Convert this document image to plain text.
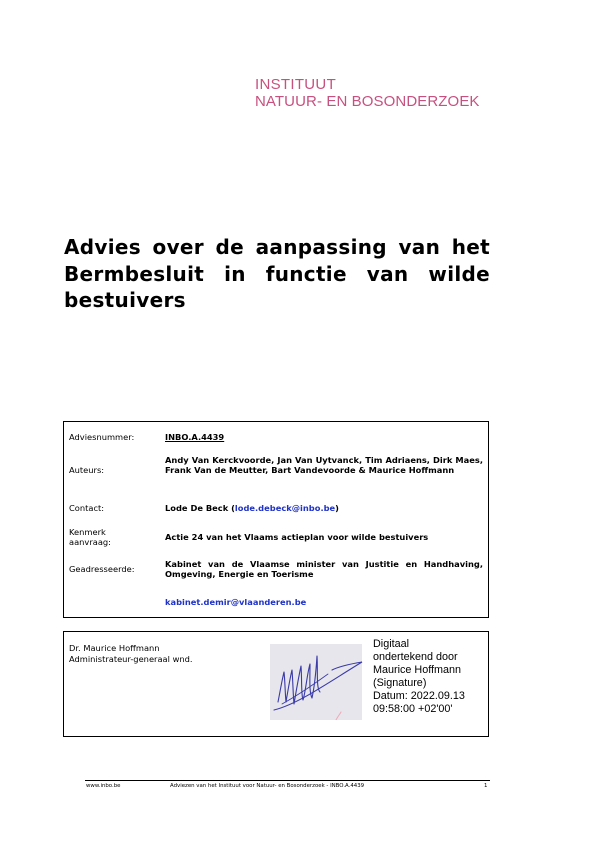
INSTITUUT
NATUUR- EN BOSONDERZOEK
Advies over de aanpassing van het Bermbesluit in functie van wilde bestuivers
Adviesnummer:	INBO.A.4439
Auteurs:
Andy Van Kerckvoorde, Jan Van Uytvanck, Tim Adriaens, Dirk Maes, Frank Van de Meutter, Bart Vandevoorde & Maurice Hoffmann
Contact:	Lode De Beck (lode.debeck@inbo.be)
Kenmerk
aanvraag:	Actie 24 van het Vlaams actieplan voor wilde bestuivers
Geadresseerde:	Kabinet van de Vlaamse minister van Justitie en Handhaving, Omgeving, Energie en Toerisme
kabinet.demir@vlaanderen.be
Dr. Maurice Hoffmann
Administrateur-generaal wnd.
Digitaal
ondertekend door
Maurice Hoffmann
(Signature)
Datum: 2022.09.13
09:58:00 +02'00'
www.inbo.be	Adviezen van het Instituut voor Natuur- en Bosonderzoek - INBO.A.4439	1
